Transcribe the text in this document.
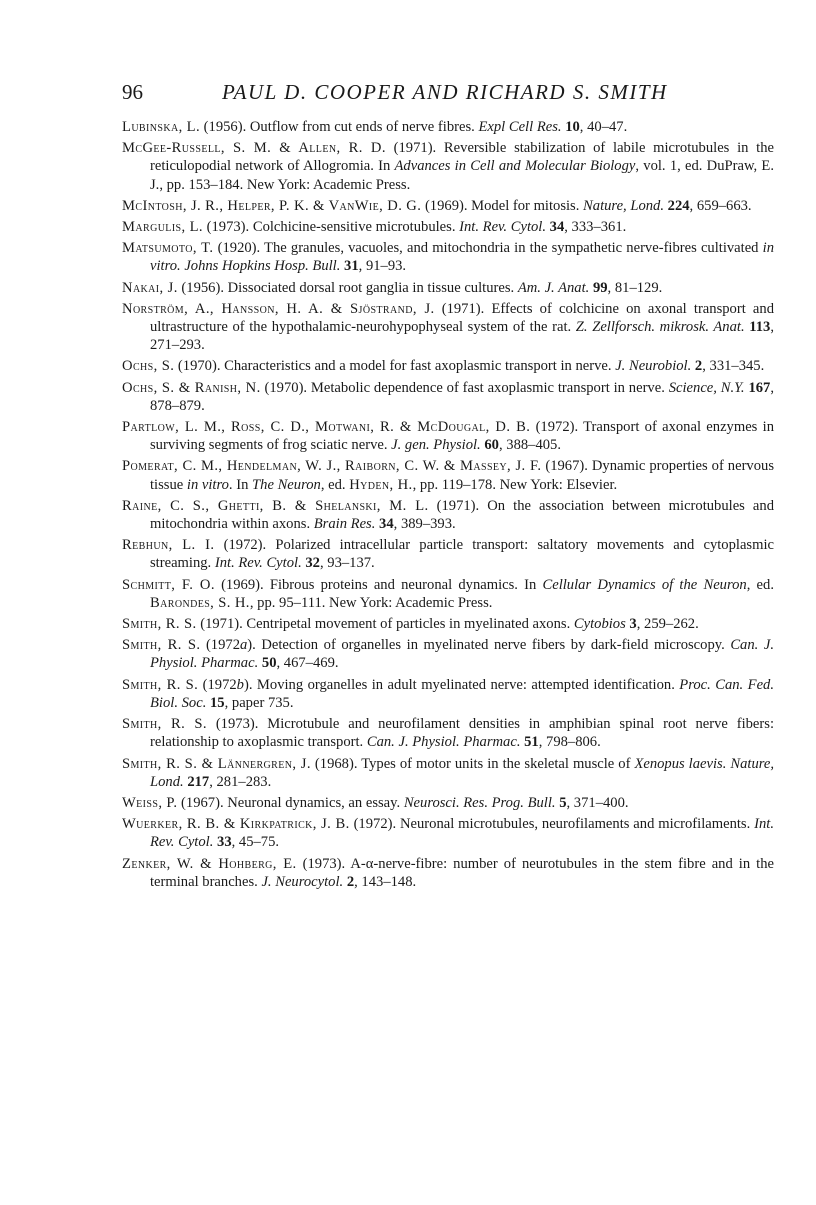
96	PAUL D. COOPER AND RICHARD S. SMITH
Lubinska, L. (1956). Outflow from cut ends of nerve fibres. Expl Cell Res. 10, 40–47.
McGee-Russell, S. M. & Allen, R. D. (1971). Reversible stabilization of labile microtubules in the reticulopodial network of Allogromia. In Advances in Cell and Molecular Biology, vol. 1, ed. DuPraw, E. J., pp. 153–184. New York: Academic Press.
McIntosh, J. R., Helper, P. K. & VanWie, D. G. (1969). Model for mitosis. Nature, Lond. 224, 659–663.
Margulis, L. (1973). Colchicine-sensitive microtubules. Int. Rev. Cytol. 34, 333–361.
Matsumoto, T. (1920). The granules, vacuoles, and mitochondria in the sympathetic nerve-fibres cultivated in vitro. Johns Hopkins Hosp. Bull. 31, 91–93.
Nakai, J. (1956). Dissociated dorsal root ganglia in tissue cultures. Am. J. Anat. 99, 81–129.
Norström, A., Hansson, H. A. & Sjöstrand, J. (1971). Effects of colchicine on axonal transport and ultrastructure of the hypothalamic-neurohypophyseal system of the rat. Z. Zellforsch. mikrosk. Anat. 113, 271–293.
Ochs, S. (1970). Characteristics and a model for fast axoplasmic transport in nerve. J. Neurobiol. 2, 331–345.
Ochs, S. & Ranish, N. (1970). Metabolic dependence of fast axoplasmic transport in nerve. Science, N.Y. 167, 878–879.
Partlow, L. M., Ross, C. D., Motwani, R. & McDougal, D. B. (1972). Transport of axonal enzymes in surviving segments of frog sciatic nerve. J. gen. Physiol. 60, 388–405.
Pomerat, C. M., Hendelman, W. J., Raiborn, C. W. & Massey, J. F. (1967). Dynamic properties of nervous tissue in vitro. In The Neuron, ed. Hyden, H., pp. 119–178. New York: Elsevier.
Raine, C. S., Ghetti, B. & Shelanski, M. L. (1971). On the association between microtubules and mitochondria within axons. Brain Res. 34, 389–393.
Rebhun, L. I. (1972). Polarized intracellular particle transport: saltatory movements and cytoplasmic streaming. Int. Rev. Cytol. 32, 93–137.
Schmitt, F. O. (1969). Fibrous proteins and neuronal dynamics. In Cellular Dynamics of the Neuron, ed. Barondes, S. H., pp. 95–111. New York: Academic Press.
Smith, R. S. (1971). Centripetal movement of particles in myelinated axons. Cytobios 3, 259–262.
Smith, R. S. (1972a). Detection of organelles in myelinated nerve fibers by dark-field microscopy. Can. J. Physiol. Pharmac. 50, 467–469.
Smith, R. S. (1972b). Moving organelles in adult myelinated nerve: attempted identification. Proc. Can. Fed. Biol. Soc. 15, paper 735.
Smith, R. S. (1973). Microtubule and neurofilament densities in amphibian spinal root nerve fibers: relationship to axoplasmic transport. Can. J. Physiol. Pharmac. 51, 798–806.
Smith, R. S. & Lännergren, J. (1968). Types of motor units in the skeletal muscle of Xenopus laevis. Nature, Lond. 217, 281–283.
Weiss, P. (1967). Neuronal dynamics, an essay. Neurosci. Res. Prog. Bull. 5, 371–400.
Wuerker, R. B. & Kirkpatrick, J. B. (1972). Neuronal microtubules, neurofilaments and microfilaments. Int. Rev. Cytol. 33, 45–75.
Zenker, W. & Hohberg, E. (1973). A-α-nerve-fibre: number of neurotubules in the stem fibre and in the terminal branches. J. Neurocytol. 2, 143–148.
